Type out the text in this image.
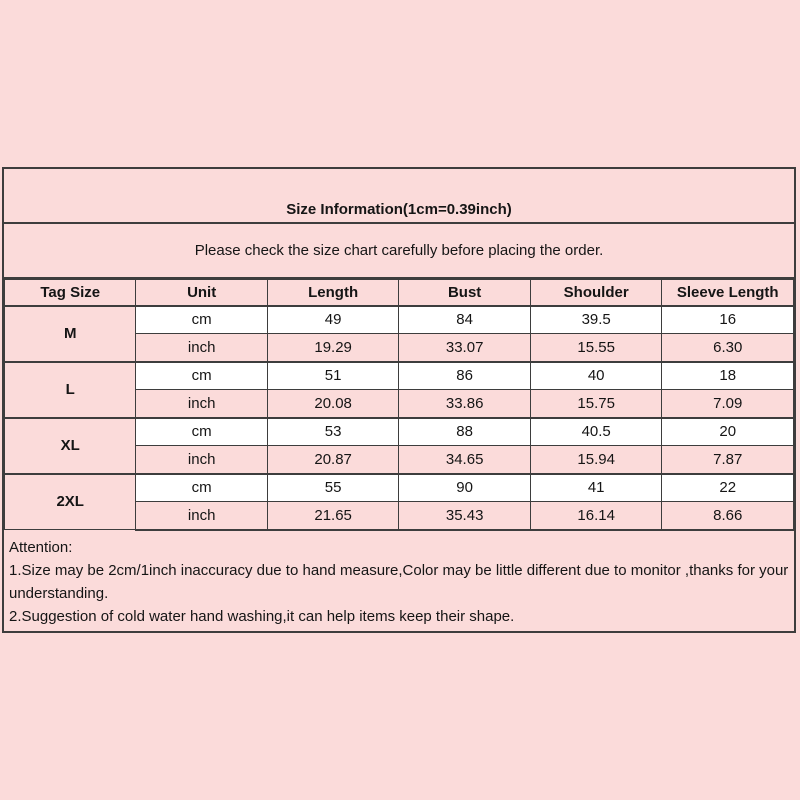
Size Information(1cm=0.39inch)
Please check the size chart carefully before placing the order.
Tag Size	Unit	Length	Bust	Shoulder	Sleeve Length
M	cm	49	84	39.5	16
	inch	19.29	33.07	15.55	6.30
L	cm	51	86	40	18
	inch	20.08	33.86	15.75	7.09
XL	cm	53	88	40.5	20
	inch	20.87	34.65	15.94	7.87
2XL	cm	55	90	41	22
	inch	21.65	35.43	16.14	8.66
Attention:
1.Size may be 2cm/1inch inaccuracy due to hand measure,Color may be little different due to monitor ,thanks for your understanding.
2.Suggestion of cold water hand washing,it can help items keep their shape.
